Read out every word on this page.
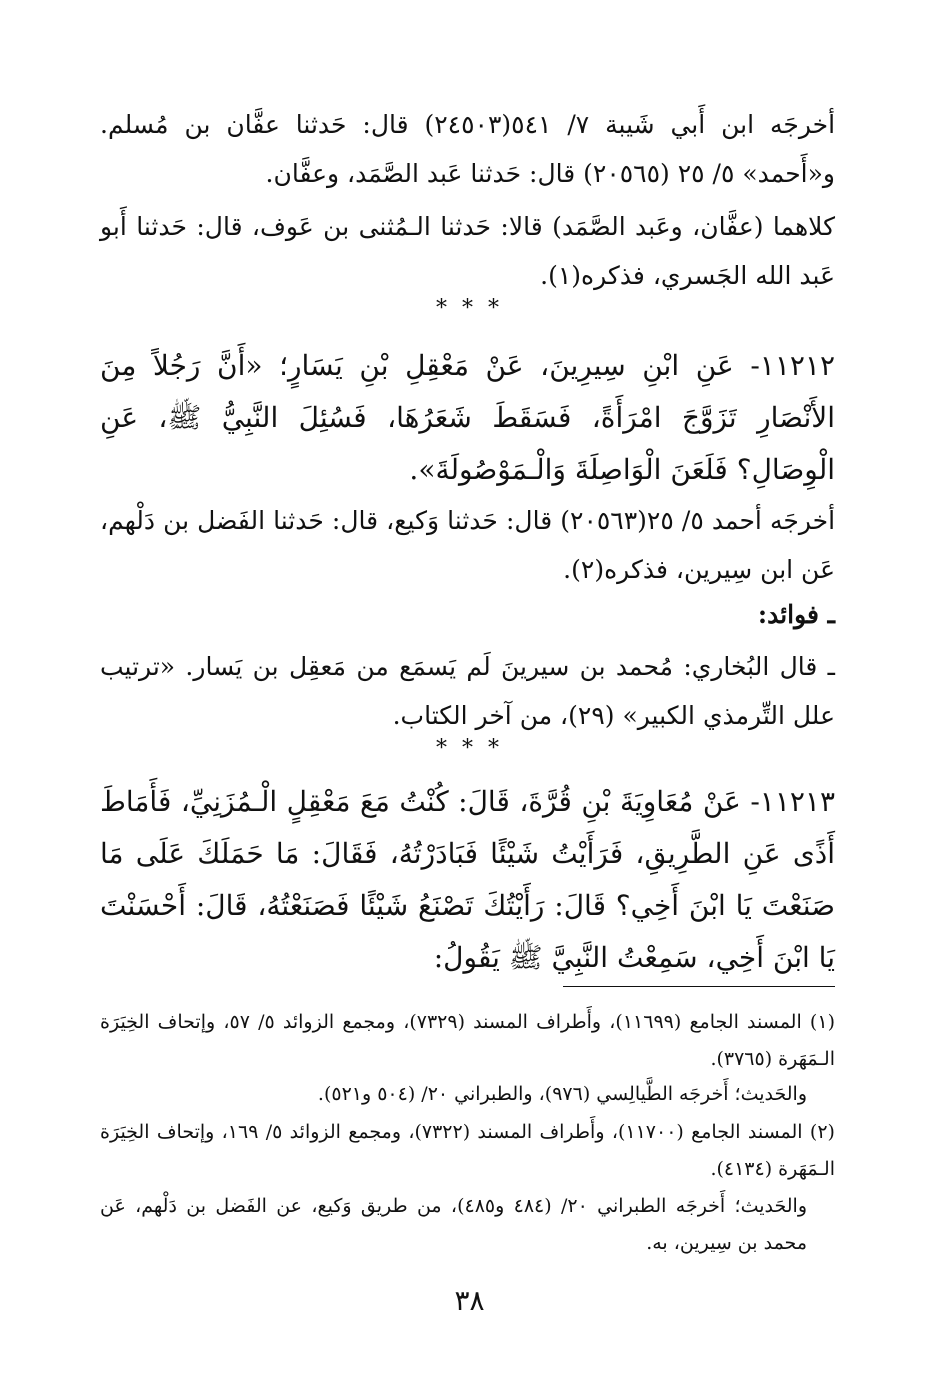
أخرجَه ابن أَبي شَيبة ٧/ ٥٤١(٢٤٥٠٣) قال: حَدثنا عفَّان بن مُسلم. و«أَحمد» ٥/ ٢٥ (٢٠٥٦٥) قال: حَدثنا عَبد الصَّمَد، وعفَّان.

كلاهما (عفَّان، وعَبد الصَّمَد) قالا: حَدثنا الـمُثنى بن عَوف، قال: حَدثنا أَبو عَبد الله الجَسري، فذكره(١).

* * *

١١٢١٢- عَنِ ابْنِ سِيرِينَ، عَنْ مَعْقِلِ بْنِ يَسَارٍ؛ «أَنَّ رَجُلاً مِنَ الأَنْصَارِ تَزَوَّجَ امْرَأَةً، فَسَقَطَ شَعَرُهَا، فَسُئِلَ النَّبِيُّ ﷺ، عَنِ الْوِصَالِ؟ فَلَعَنَ الْوَاصِلَةَ وَالْـمَوْصُولَةَ».

أخرجَه أحمد ٥/ ٢٥(٢٠٥٦٣) قال: حَدثنا وَكيع، قال: حَدثنا الفَضل بن دَلْهم، عَن ابن سِيرين، فذكره(٢).

ـ فوائد:

ـ قال البُخاري: مُحمد بن سيرينَ لَم يَسمَع من مَعقِل بن يَسار. «ترتيب علل التِّرمذي الكبير» (٢٩)، من آخر الكتاب.

* * *

١١٢١٣- عَنْ مُعَاوِيَةَ بْنِ قُرَّةَ، قَالَ: كُنْتُ مَعَ مَعْقِلٍ الْـمُزَنِيِّ، فَأَمَاطَ أَذًى عَنِ الطَّرِيقِ، فَرَأَيْتُ شَيْئًا فَبَادَرْتُهُ، فَقَالَ: مَا حَمَلَكَ عَلَى مَا صَنَعْتَ يَا ابْنَ أَخِي؟ قَالَ: رَأَيْتُكَ تَصْنَعُ شَيْئًا فَصَنَعْتُهُ، قَالَ: أَحْسَنْتَ يَا ابْنَ أَخِي، سَمِعْتُ النَّبِيَّ ﷺ يَقُولُ:

(١) المسند الجامع (١١٦٩٩)، وأَطراف المسند (٧٣٢٩)، ومجمع الزوائد ٥/ ٥٧، وإتحاف الخِيَرَة الـمَهَرة (٣٧٦٥).

والحَديث؛ أَخرجَه الطَّيالِسي (٩٧٦)، والطبراني ٢٠/ (٥٠٤ و٥٢١).

(٢) المسند الجامع (١١٧٠٠)، وأَطراف المسند (٧٣٢٢)، ومجمع الزوائد ٥/ ١٦٩، وإتحاف الخِيَرَة الـمَهَرة (٤١٣٤).

والحَديث؛ أَخرجَه الطبراني ٢٠/ (٤٨٤ و٤٨٥)، من طريق وَكيع، عن الفَضل بن دَلْهم، عَن محمد بن سِيرين، به.

٣٨
